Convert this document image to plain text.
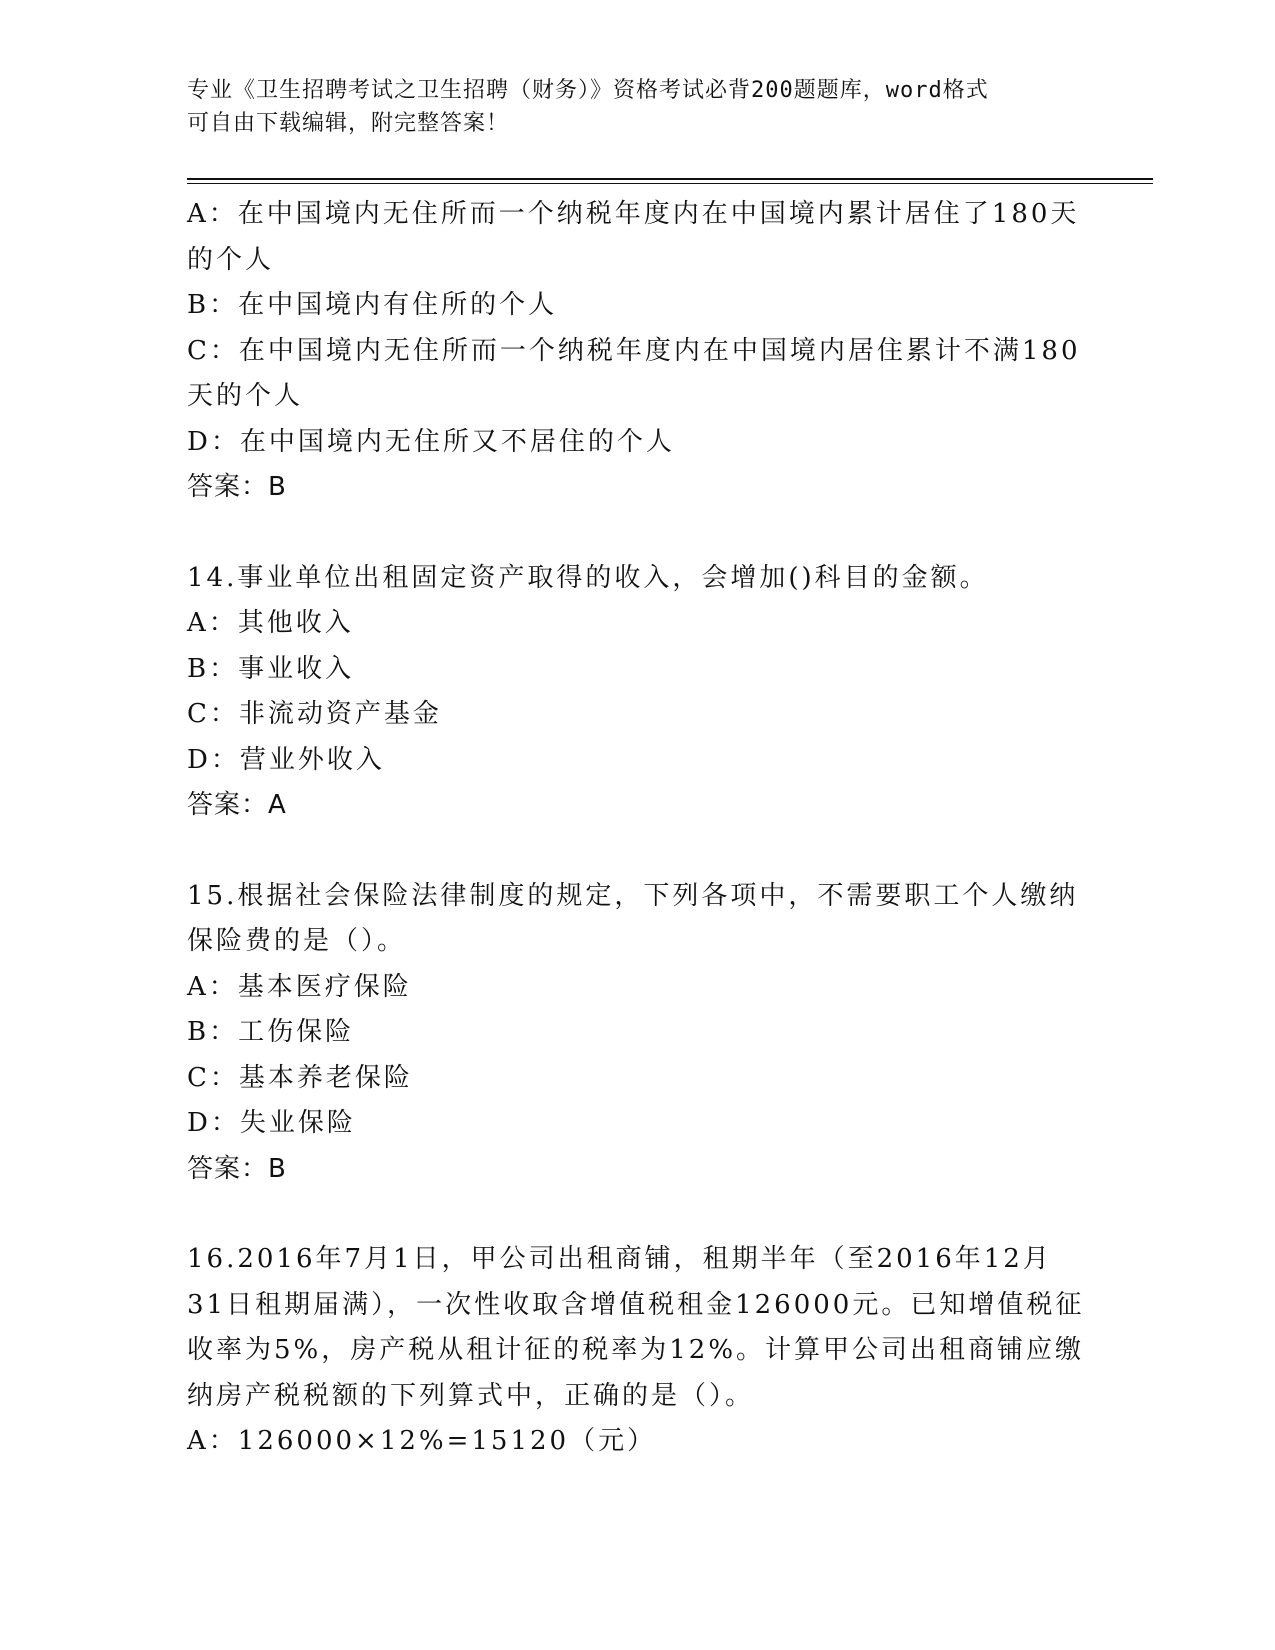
专业《卫生招聘考试之卫生招聘（财务）》资格考试必背200题题库，word格式
可自由下载编辑，附完整答案！
A：在中国境内无住所而一个纳税年度内在中国境内累计居住了180天
的个人
B：在中国境内有住所的个人
C：在中国境内无住所而一个纳税年度内在中国境内居住累计不满180
天的个人
D：在中国境内无住所又不居住的个人
答案：B
14.事业单位出租固定资产取得的收入，会增加()科目的金额。
A：其他收入
B：事业收入
C：非流动资产基金
D：营业外收入
答案：A
15.根据社会保险法律制度的规定，下列各项中，不需要职工个人缴纳
保险费的是（）。
A：基本医疗保险
B：工伤保险
C：基本养老保险
D：失业保险
答案：B
16.2016年7月1日，甲公司出租商铺，租期半年（至2016年12月
31日租期届满），一次性收取含增值税租金126000元。已知增值税征
收率为5%，房产税从租计征的税率为12%。计算甲公司出租商铺应缴
纳房产税税额的下列算式中，正确的是（）。
A：126000×12%=15120（元）
